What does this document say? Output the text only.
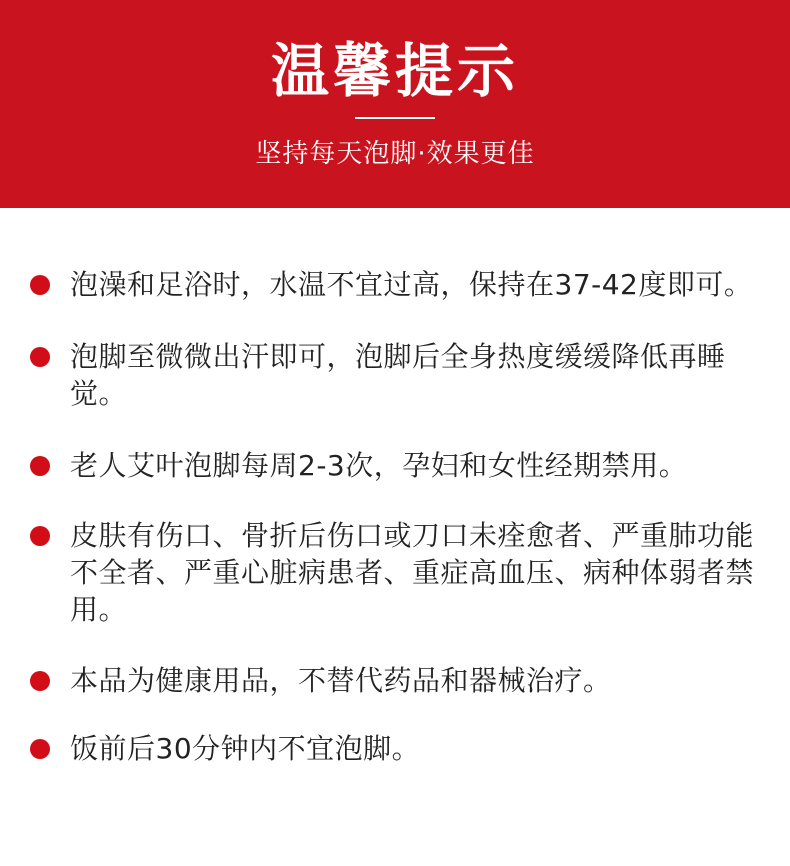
温馨提示
坚持每天泡脚·效果更佳
泡澡和足浴时，水温不宜过高，保持在37-42度即可。
泡脚至微微出汗即可，泡脚后全身热度缓缓降低再睡觉。
老人艾叶泡脚每周2-3次，孕妇和女性经期禁用。
皮肤有伤口、骨折后伤口或刀口未痊愈者、严重肺功能不全者、严重心脏病患者、重症高血压、病种体弱者禁用。
本品为健康用品，不替代药品和器械治疗。
饭前后30分钟内不宜泡脚。
